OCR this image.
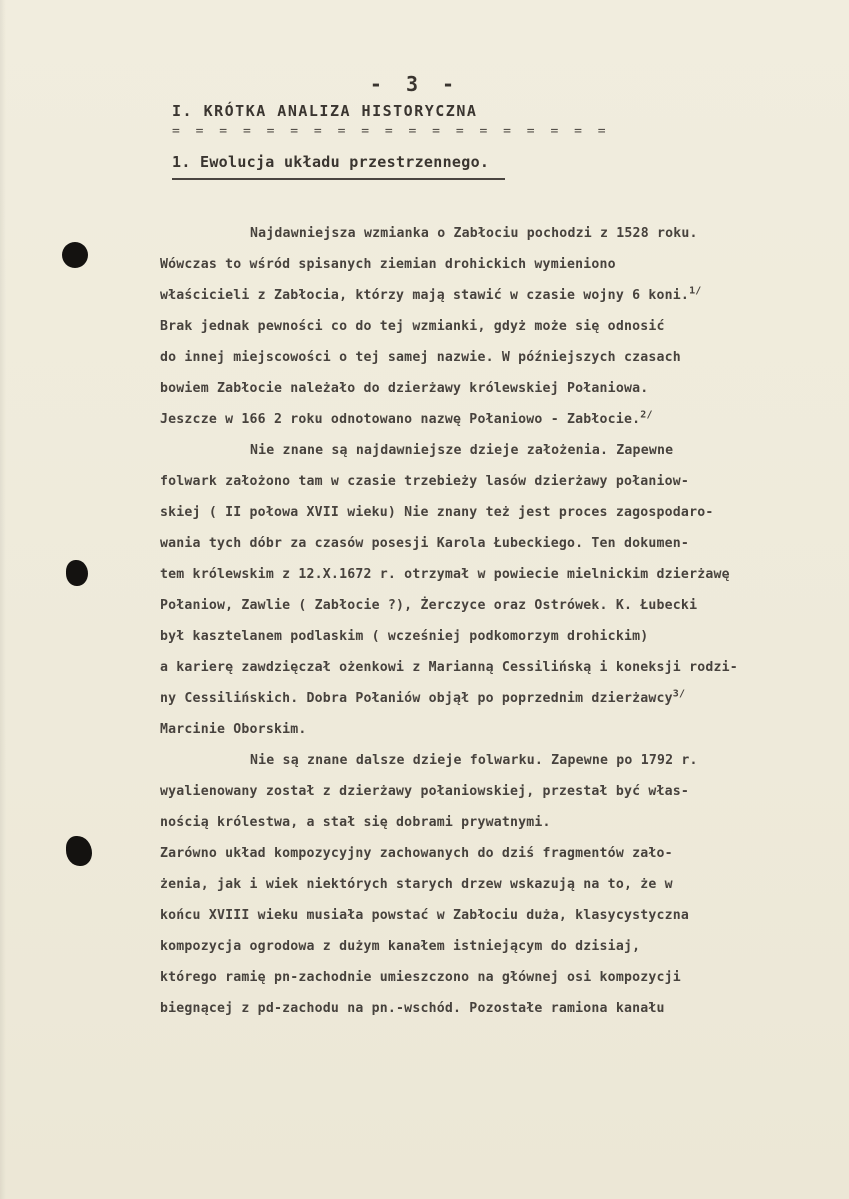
- 3 -
I. KRÓTKA ANALIZA HISTORYCZNA
= = = = = = = = = = = = = = = = = = =
1. Ewolucja układu przestrzennego.
Najdawniejsza wzmianka o Zabłociu pochodzi z 1528 roku.
Wówczas to wśród spisanych ziemian drohickich wymieniono
właścicieli z Zabłocia, którzy mają stawić w czasie wojny 6 koni.$^{1/}$
Brak jednak pewności co do tej wzmianki, gdyż może się odnosić
do innej miejscowości o tej samej nazwie. W późniejszych czasach
bowiem Zabłocie należało do dzierżawy królewskiej Połaniowa.
Jeszcze w 166 2 roku odnotowano nazwę Połaniowo - Zabłocie.$^{2/}$
Nie znane są najdawniejsze dzieje założenia. Zapewne
folwark założono tam w czasie trzebieży lasów dzierżawy połaniow-
skiej ( II połowa XVII wieku) Nie znany też jest proces zagospodaro-
wania tych dóbr za czasów posesji Karola Łubeckiego. Ten dokumen-
tem królewskim z 12.X.1672 r. otrzymał w powiecie mielnickim dzierżawę
Połaniow, Zawlie ( Zabłocie ?), Żerczyce oraz Ostrówek. K. Łubecki
był kasztelanem podlaskim ( wcześniej podkomorzym drohickim)
a karierę zawdzięczał ożenkowi z Marianną Cessilińską i koneksji rodzi-
ny Cessilińskich. Dobra Połaniów objął po poprzednim dzierżawcy$^{3/}$
Marcinie Oborskim.
Nie są znane dalsze dzieje folwarku. Zapewne po 1792 r.
wyalienowany został z dzierżawy połaniowskiej, przestał być włas-
nością królestwa, a stał się dobrami prywatnymi.
Zarówno układ kompozycyjny zachowanych do dziś fragmentów zało-
żenia, jak i wiek niektórych starych drzew wskazują na to, że w
końcu XVIII wieku musiała powstać w Zabłociu duża, klasycystyczna
kompozycja ogrodowa z dużym kanałem istniejącym do dzisiaj,
którego ramię pn-zachodnie umieszczono na głównej osi kompozycji
biegnącej z pd-zachodu na pn.-wschód. Pozostałe ramiona kanału
